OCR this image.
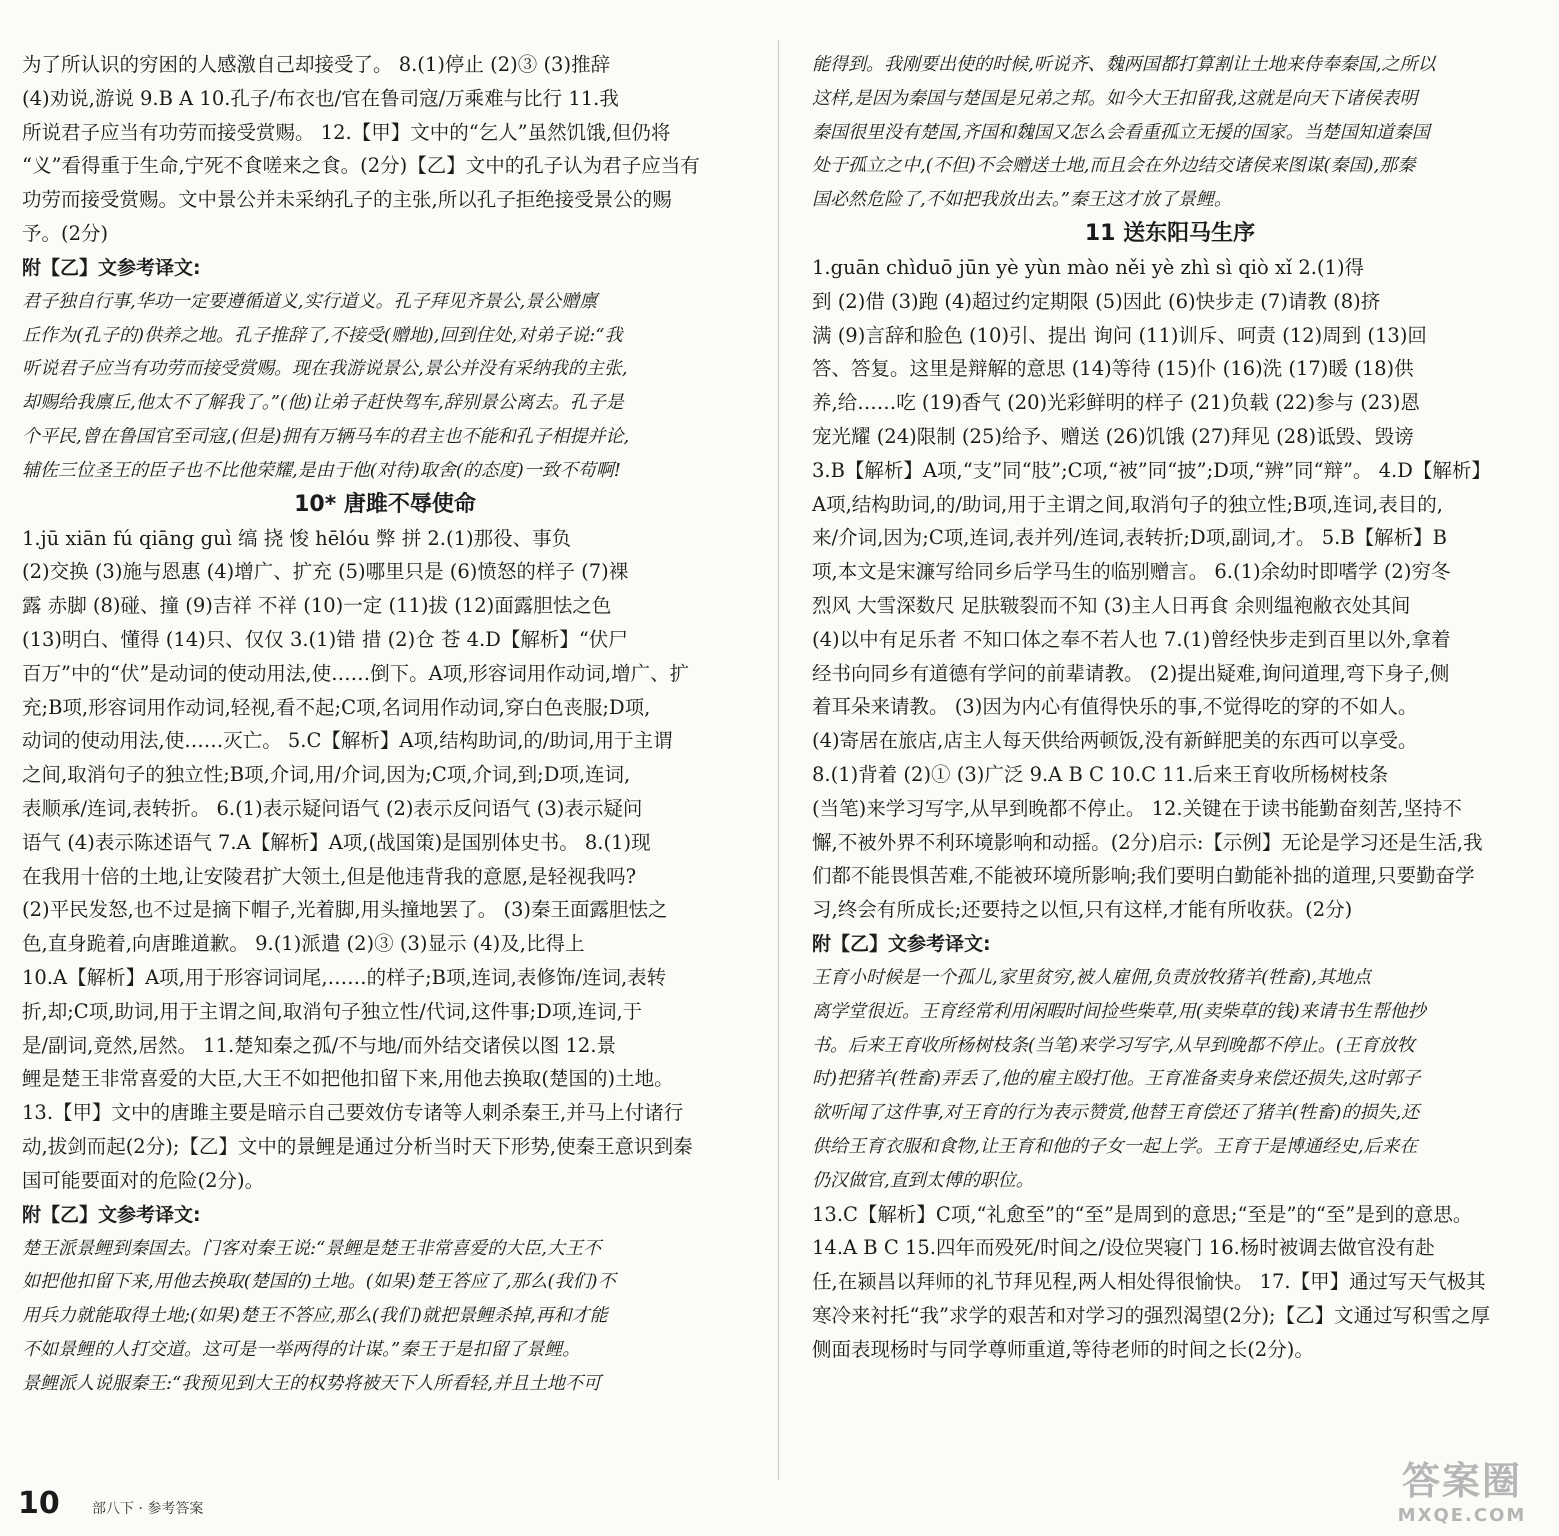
为了所认识的穷困的人感激自己却接受了。 8.(1)停止 (2)③ (3)推辞
(4)劝说,游说 9.B A 10.孔子/布衣也/官在鲁司寇/万乘难与比行 11.我
所说君子应当有功劳而接受赏赐。 12.【甲】文中的“乞人”虽然饥饿,但仍将
“义”看得重于生命,宁死不食嗟来之食。(2分)【乙】文中的孔子认为君子应当有
功劳而接受赏赐。文中景公并未采纳孔子的主张,所以孔子拒绝接受景公的赐
予。(2分)
附【乙】文参考译文:
君子独自行事,华功一定要遵循道义,实行道义。孔子拜见齐景公,景公赠廪
丘作为(孔子的)供养之地。孔子推辞了,不接受(赠地),回到住处,对弟子说:“我
听说君子应当有功劳而接受赏赐。现在我游说景公,景公并没有采纳我的主张,
却赐给我廪丘,他太不了解我了。”(他)让弟子赶快驾车,辞别景公离去。孔子是
个平民,曾在鲁国官至司寇,(但是)拥有万辆马车的君主也不能和孔子相提并论,
辅佐三位圣王的臣子也不比他荣耀,是由于他(对待)取舍(的态度)一致不苟啊!
10* 唐雎不辱使命
1.jū xiān fú qiāng guì 缟 挠 悛 hēlóu 弊 拼 2.(1)那役、事负
(2)交换 (3)施与恩惠 (4)增广、扩充 (5)哪里只是 (6)愤怒的样子 (7)裸
露 赤脚 (8)碰、撞 (9)吉祥 不祥 (10)一定 (11)拔 (12)面露胆怯之色
(13)明白、懂得 (14)只、仅仅 3.(1)错 措 (2)仓 苍 4.D【解析】“伏尸
百万”中的“伏”是动词的使动用法,使……倒下。A项,形容词用作动词,增广、扩
充;B项,形容词用作动词,轻视,看不起;C项,名词用作动词,穿白色丧服;D项,
动词的使动用法,使……灭亡。 5.C【解析】A项,结构助词,的/助词,用于主谓
之间,取消句子的独立性;B项,介词,用/介词,因为;C项,介词,到;D项,连词,
表顺承/连词,表转折。 6.(1)表示疑问语气 (2)表示反问语气 (3)表示疑问
语气 (4)表示陈述语气 7.A【解析】A项,(战国策)是国别体史书。 8.(1)现
在我用十倍的土地,让安陵君扩大领土,但是他违背我的意愿,是轻视我吗?
(2)平民发怒,也不过是摘下帽子,光着脚,用头撞地罢了。 (3)秦王面露胆怯之
色,直身跪着,向唐雎道歉。 9.(1)派遣 (2)③ (3)显示 (4)及,比得上
10.A【解析】A项,用于形容词词尾,……的样子;B项,连词,表修饰/连词,表转
折,却;C项,助词,用于主谓之间,取消句子独立性/代词,这件事;D项,连词,于
是/副词,竟然,居然。 11.楚知秦之孤/不与地/而外结交诸侯以图 12.景
鲤是楚王非常喜爱的大臣,大王不如把他扣留下来,用他去换取(楚国的)土地。
13.【甲】文中的唐雎主要是暗示自己要效仿专诸等人刺杀秦王,并马上付诸行
动,拔剑而起(2分);【乙】文中的景鲤是通过分析当时天下形势,使秦王意识到秦
国可能要面对的危险(2分)。
附【乙】文参考译文:
楚王派景鲤到秦国去。门客对秦王说:“景鲤是楚王非常喜爱的大臣,大王不
如把他扣留下来,用他去换取(楚国的)土地。(如果)楚王答应了,那么(我们)不
用兵力就能取得土地;(如果)楚王不答应,那么(我们)就把景鲤杀掉,再和才能
不如景鲤的人打交道。这可是一举两得的计谋。”秦王于是扣留了景鲤。
景鲤派人说服秦王:“我预见到大王的权势将被天下人所看轻,并且土地不可
能得到。我刚要出使的时候,听说齐、魏两国都打算割让土地来侍奉秦国,之所以
这样,是因为秦国与楚国是兄弟之邦。如今大王扣留我,这就是向天下诸侯表明
秦国很里没有楚国,齐国和魏国又怎么会看重孤立无援的国家。当楚国知道秦国
处于孤立之中,(不但)不会赠送土地,而且会在外边结交诸侯来图谋(秦国),那秦
国必然危险了,不如把我放出去。”秦王这才放了景鲤。
11 送东阳马生序
1.guān chìduō jūn yè yùn mào něi yè zhì sì qiò xǐ 2.(1)得
到 (2)借 (3)跑 (4)超过约定期限 (5)因此 (6)快步走 (7)请教 (8)挤
满 (9)言辞和脸色 (10)引、提出 询问 (11)训斥、呵责 (12)周到 (13)回
答、答复。这里是辩解的意思 (14)等待 (15)仆 (16)洗 (17)暖 (18)供
养,给……吃 (19)香气 (20)光彩鲜明的样子 (21)负载 (22)参与 (23)恩
宠光耀 (24)限制 (25)给予、赠送 (26)饥饿 (27)拜见 (28)诋毁、毁谤
3.B【解析】A项,“支”同“肢”;C项,“被”同“披”;D项,“辨”同“辩”。 4.D【解析】
A项,结构助词,的/助词,用于主谓之间,取消句子的独立性;B项,连词,表目的,
来/介词,因为;C项,连词,表并列/连词,表转折;D项,副词,才。 5.B【解析】B
项,本文是宋濂写给同乡后学马生的临别赠言。 6.(1)余幼时即嗜学 (2)穷冬
烈风 大雪深数尺 足肤皲裂而不知 (3)主人日再食 余则缊袍敝衣处其间
(4)以中有足乐者 不知口体之奉不若人也 7.(1)曾经快步走到百里以外,拿着
经书向同乡有道德有学问的前辈请教。 (2)提出疑难,询问道理,弯下身子,侧
着耳朵来请教。 (3)因为内心有值得快乐的事,不觉得吃的穿的不如人。
(4)寄居在旅店,店主人每天供给两顿饭,没有新鲜肥美的东西可以享受。
8.(1)背着 (2)① (3)广泛 9.A B C 10.C 11.后来王育收所杨树枝条
(当笔)来学习写字,从早到晚都不停止。 12.关键在于读书能勤奋刻苦,坚持不
懈,不被外界不利环境影响和动摇。(2分)启示:【示例】无论是学习还是生活,我
们都不能畏惧苦难,不能被环境所影响;我们要明白勤能补拙的道理,只要勤奋学
习,终会有所成长;还要持之以恒,只有这样,才能有所收获。(2分)
附【乙】文参考译文:
王育小时候是一个孤儿,家里贫穷,被人雇佣,负责放牧猪羊(牲畜),其地点
离学堂很近。王育经常利用闲暇时间捡些柴草,用(卖柴草的钱)来请书生帮他抄
书。后来王育收所杨树枝条(当笔)来学习写字,从早到晚都不停止。(王育放牧
时)把猪羊(牲畜)弄丢了,他的雇主殴打他。王育准备卖身来偿还损失,这时郭子
欲听闻了这件事,对王育的行为表示赞赏,他替王育偿还了猪羊(牲畜)的损失,还
供给王育衣服和食物,让王育和他的子女一起上学。王育于是博通经史,后来在
仍汉做官,直到太傅的职位。
13.C【解析】C项,“礼愈至”的“至”是周到的意思;“至是”的“至”是到的意思。
14.A B C 15.四年而殁死/时间之/设位哭寝门 16.杨时被调去做官没有赴
任,在颍昌以拜师的礼节拜见程,两人相处得很愉快。 17.【甲】通过写天气极其
寒冷来衬托“我”求学的艰苦和对学习的强烈渴望(2分);【乙】文通过写积雪之厚
侧面表现杨时与同学尊师重道,等待老师的时间之长(2分)。
10 部八下 · 参考答案
答案圈
MXQE.COM
